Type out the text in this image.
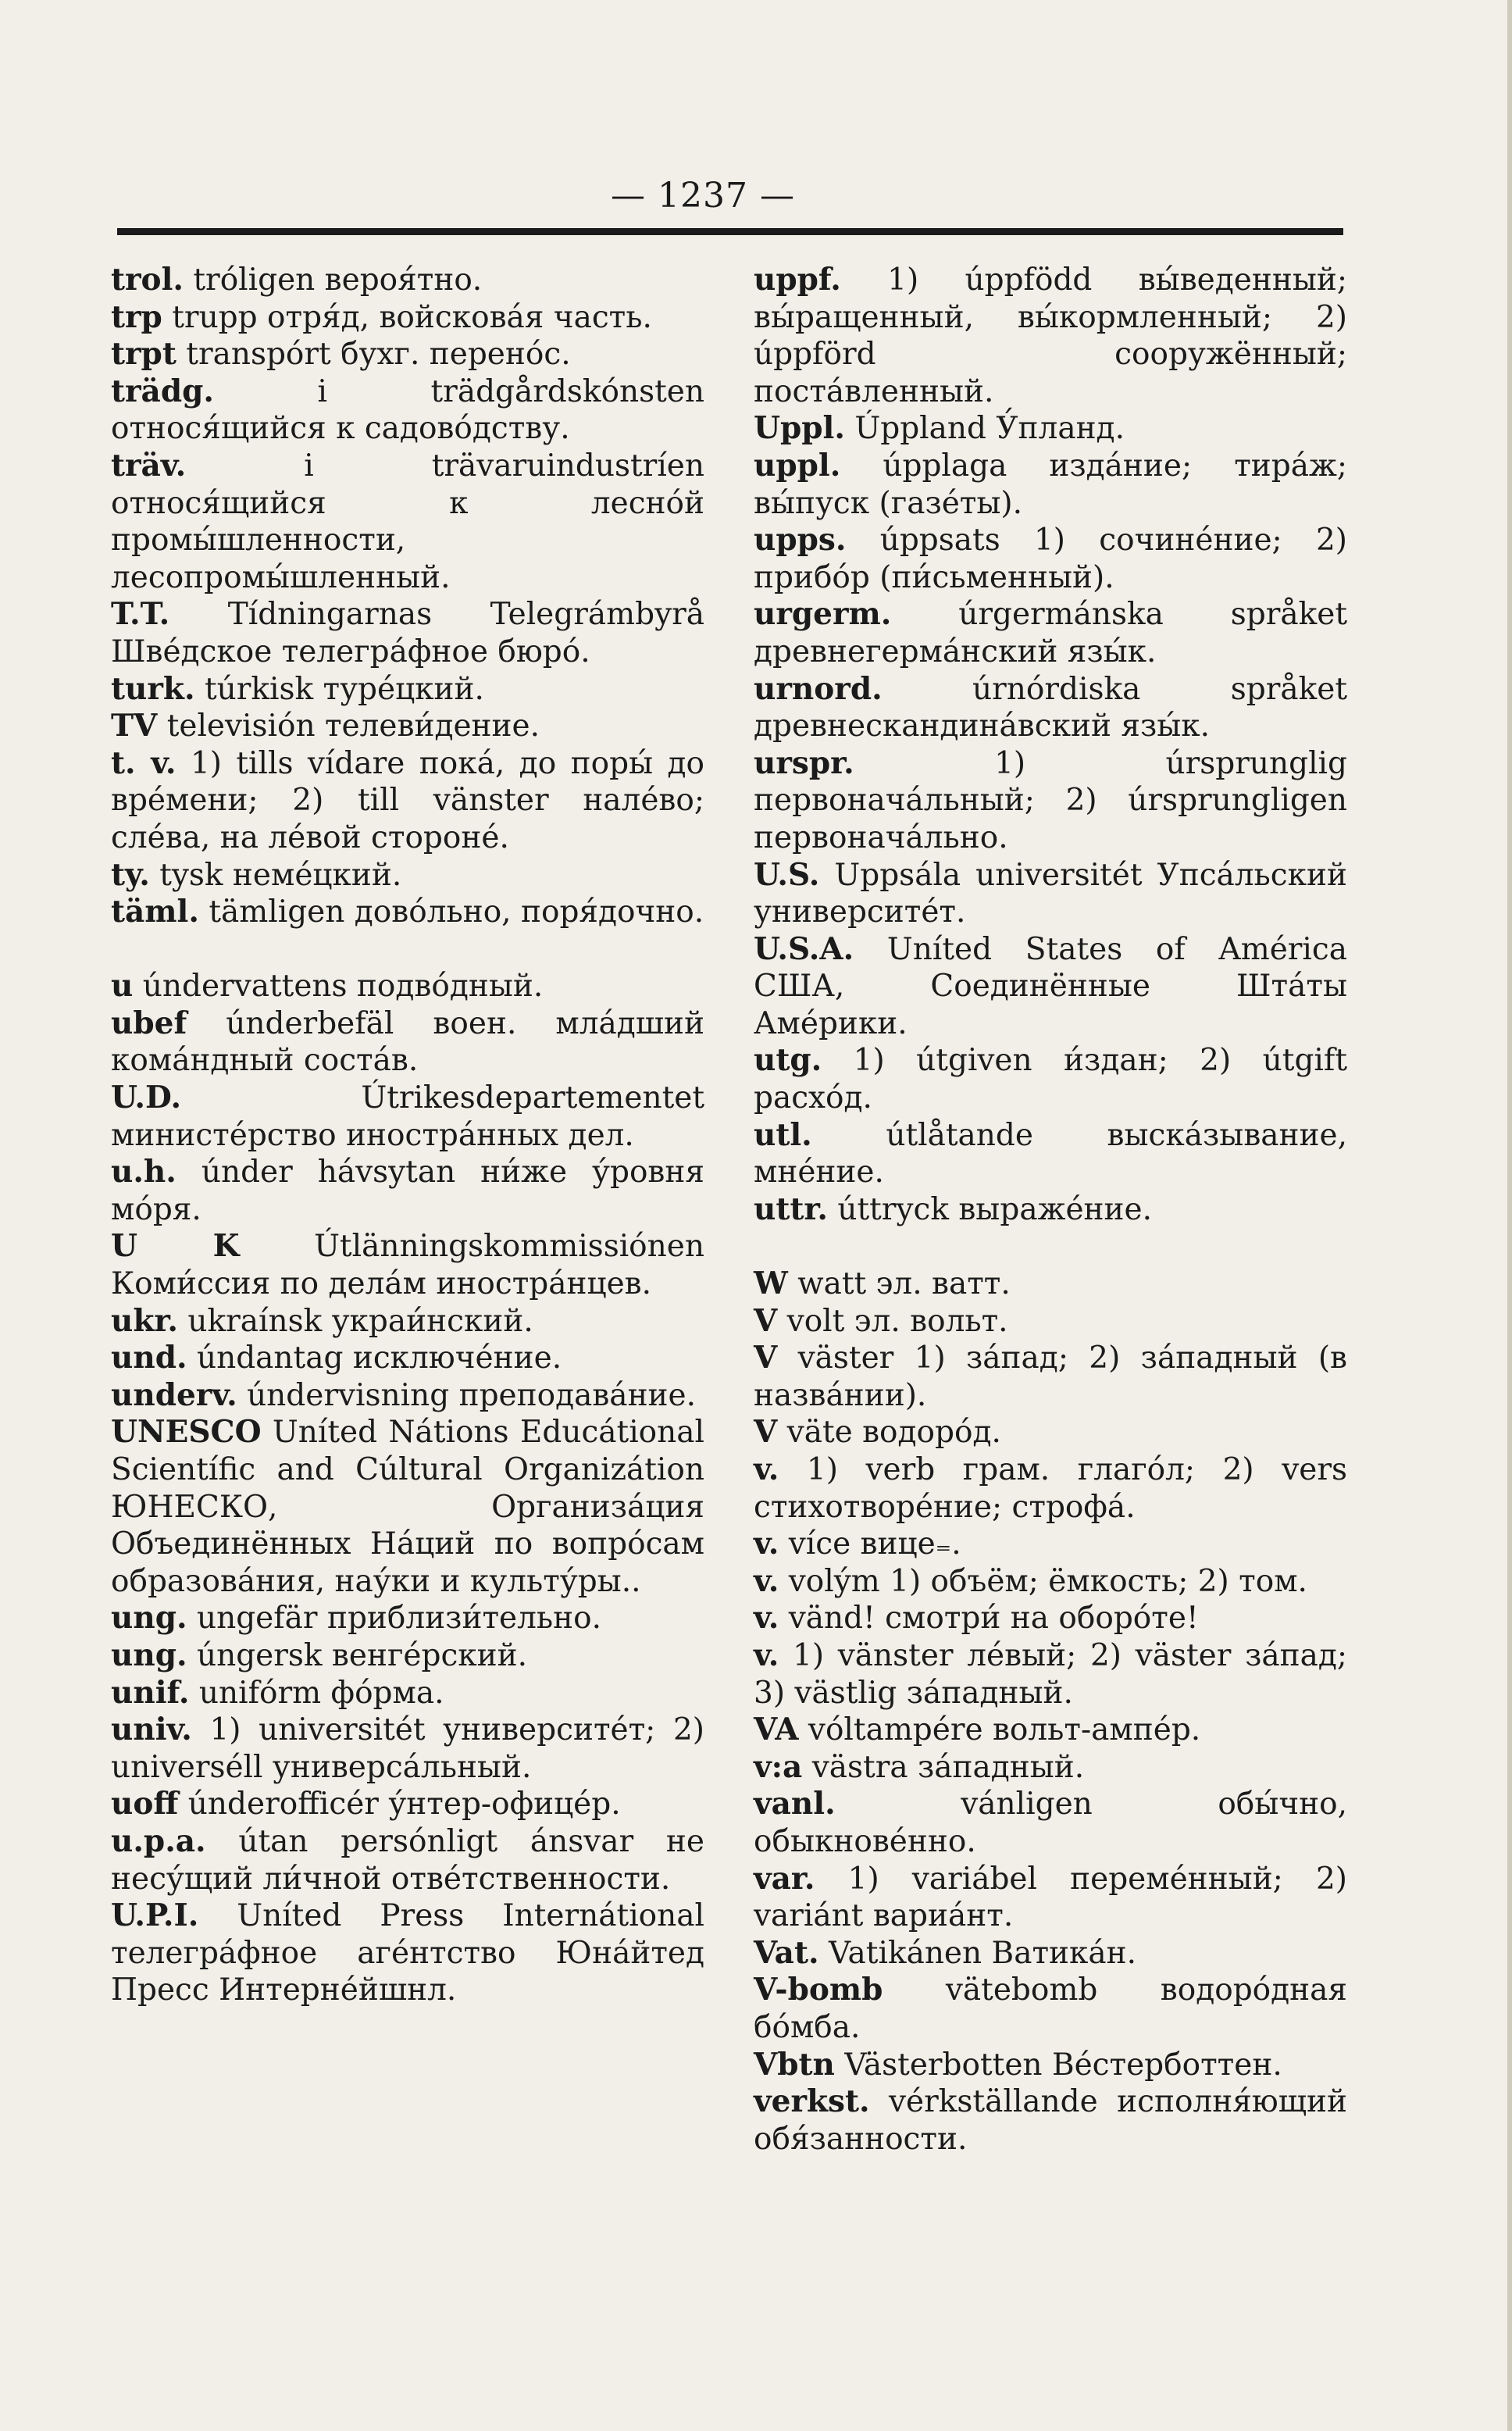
— 1237 —
trol. tróligen вероя́тно.
trp trupp отря́д, войскова́я часть.
trpt transpórt бухг. перено́с.
trädg.	i trädgårdskónsten относя́щийся к садово́дству.
träv.	i trävaruindustríen относя́щийся к лесно́й промы́шленности, лесопромы́шленный.
T.T. Tídningarnas Telegrámbyrå Шве́дское телегра́фное бюро́.
turk. túrkisk туре́цкий.
TV televisión телеви́дение.
t. v. 1) tills vídare пока́, до поры́ до вре́мени; 2) till vänster нале́во; сле́ва, на ле́вой стороне́.
ty. tysk неме́цкий.
täml. tämligen дово́льно, поря́дочно.
u úndervattens подво́дный.
ubef únderbefäl воен. мла́дший кома́ндный соста́в.
U.D.	Útrikesdepartementet министе́рство иностра́нных дел.
u.h. únder hávsytan ни́же у́ровня мо́ря.
U K Útlänningskommissiónen Коми́ссия по дела́м иностра́нцев.
ukr. ukraínsk украи́нский.
und. úndantag исключе́ние.
underv. úndervisning преподава́ние.
UNESCO Uníted Nátions Educátional Scientífic and Cúltural Organizátion ЮНЕСКО, Организа́ция Объединённых На́ций по вопро́сам образова́ния, нау́ки и культу́ры..
ung. ungefär приблизи́тельно.
ung. úngersk венге́рский.
unif. unifórm фо́рма.
univ. 1) universitét университе́т; 2) universéll универса́льный.
uoff únderofficér у́нтер-офице́р.
u.p.a. útan persónligt ánsvar не несу́щий ли́чной отве́тственности.
U.P.I. Uníted Press Internátional телегра́фное аге́нтство Юна́йтед Пресс Интерне́йшнл.
uppf. 1) úppfödd вы́веденный; вы́ращенный, вы́кормленный; 2) úppförd сооружённый; поста́вленный.
Uppl. Úppland У́планд.
uppl. úpplaga изда́ние; тира́ж; вы́пуск (газе́ты).
upps. úppsats 1) сочине́ние; 2) прибо́р (пи́сьменный).
urgerm. úrgermánska språket древнегерма́нский язы́к.
urnord.	úrnórdiska språket древнескандина́вский язы́к.
urspr.	1) úrsprunglig первонача́льный; 2) úrsprungligen первонача́льно.
U.S. Uppsála universitét Упса́льский университе́т.
U.S.A. Uníted States of América США, Соединённые Шта́ты Аме́рики.
utg. 1) útgiven и́здан; 2) útgift расхо́д.
utl. útlåtande выска́зывание, мне́ние.
uttr. úttryck выраже́ние.
W watt эл. ватт.
V volt эл. вольт.
V väster 1) за́пад; 2) за́падный (в назва́нии).
V väte водоро́д.
v. 1) verb грам. глаго́л; 2) vers стихотворе́ние; строфа́.
v. více вице₌.
v. volým 1) объём; ёмкость; 2) том.
v. vänd! смотри́ на оборо́те!
v. 1) vänster ле́вый; 2) väster за́пад; 3) västlig за́падный.
VA vóltampére вольт-ампе́р.
v:a västra за́падный.
vanl.	vánligen обы́чно, обыкнове́нно.
var. 1) variábel переме́нный; 2) variánt вариа́нт.
Vat. Vatikánen Ватика́н.
V-bomb vätebomb водоро́дная бо́мба.
Vbtn Västerbotten Ве́стерботтен.
verkst. vérkställande исполня́ющий обя́занности.
